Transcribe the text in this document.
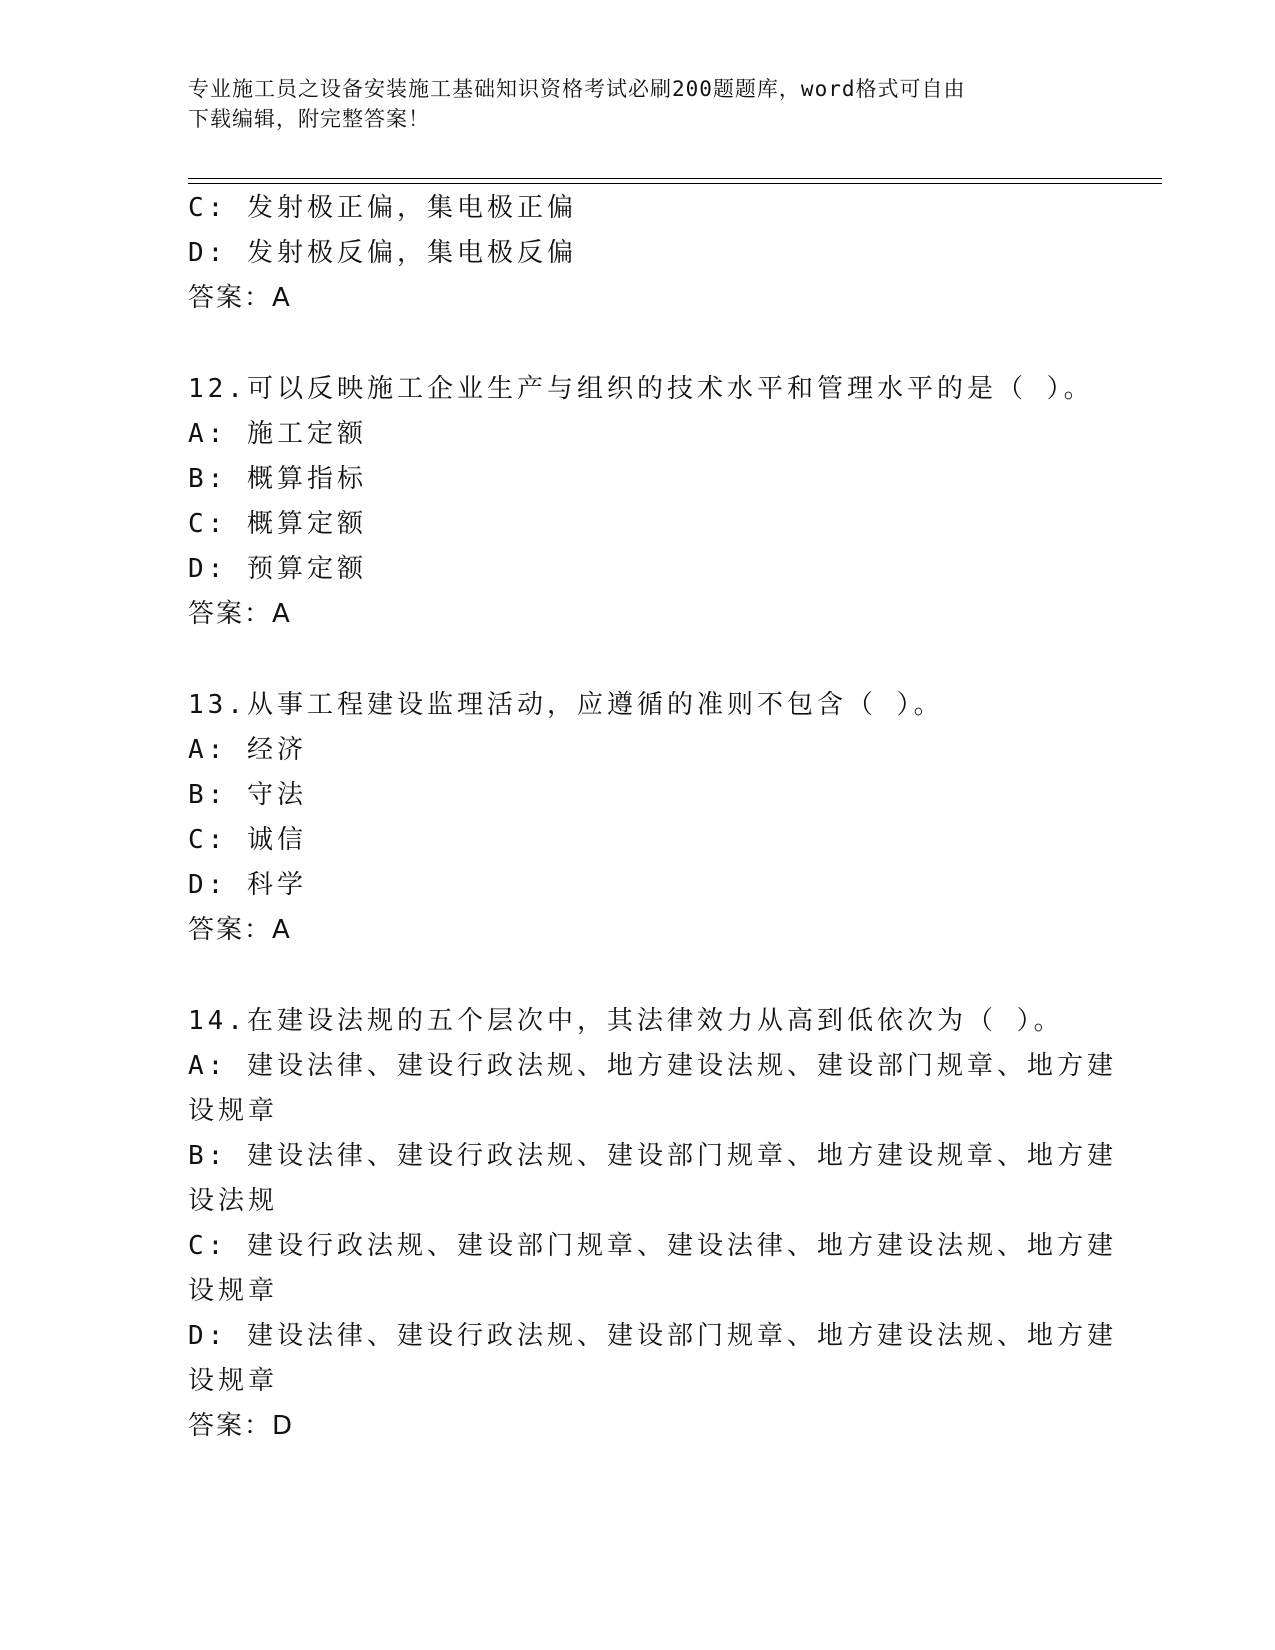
专业施工员之设备安装施工基础知识资格考试必刷200题题库，word格式可自由
下载编辑，附完整答案！
C: 发射极正偏，集电极正偏
D: 发射极反偏，集电极反偏
答案：A
12.可以反映施工企业生产与组织的技术水平和管理水平的是（ ）。
A: 施工定额
B: 概算指标
C: 概算定额
D: 预算定额
答案：A
13.从事工程建设监理活动，应遵循的准则不包含（ ）。
A: 经济
B: 守法
C: 诚信
D: 科学
答案：A
14.在建设法规的五个层次中，其法律效力从高到低依次为（ ）。
A: 建设法律、建设行政法规、地方建设法规、建设部门规章、地方建
设规章
B: 建设法律、建设行政法规、建设部门规章、地方建设规章、地方建
设法规
C: 建设行政法规、建设部门规章、建设法律、地方建设法规、地方建
设规章
D: 建设法律、建设行政法规、建设部门规章、地方建设法规、地方建
设规章
答案：D
